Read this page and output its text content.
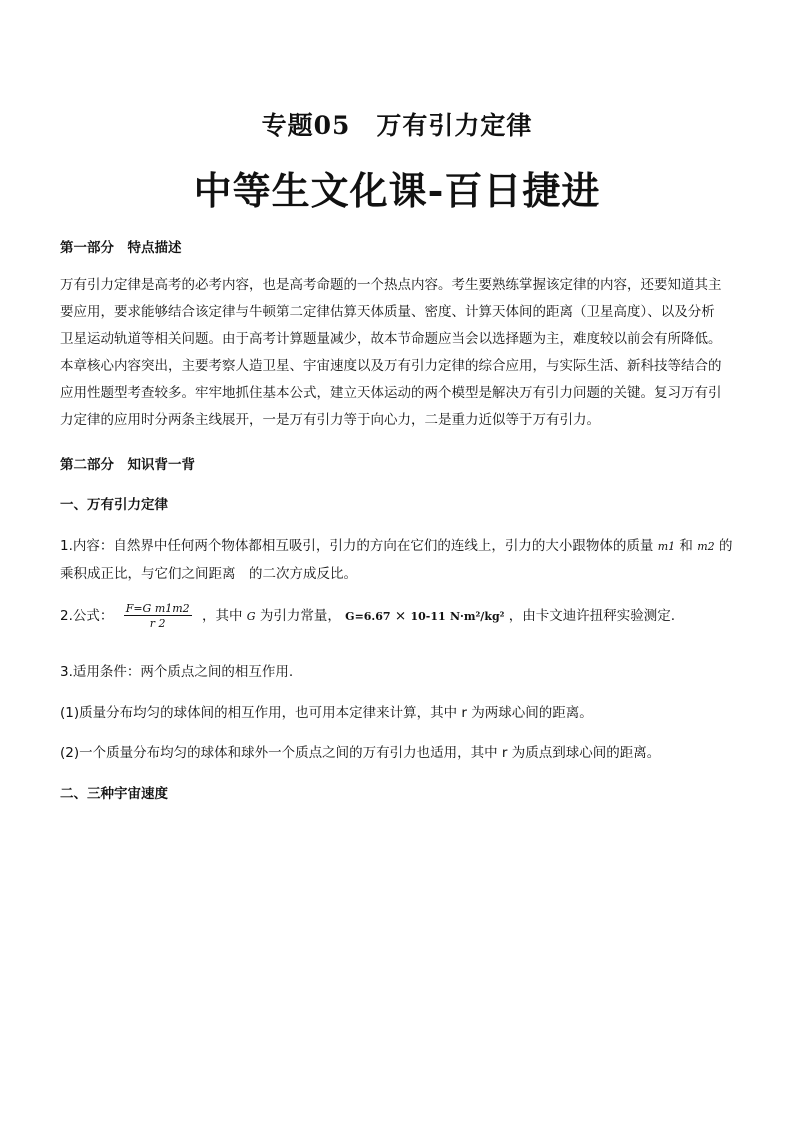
专题05　万有引力定律
中等生文化课-百日捷进
第一部分　特点描述
万有引力定律是高考的必考内容，也是高考命题的一个热点内容。考生要熟练掌握该定律的内容，还要知道其主
要应用，要求能够结合该定律与牛顿第二定律估算天体质量、密度、计算天体间的距离（卫星高度）、以及分析
卫星运动轨道等相关问题。由于高考计算题量减少，故本节命题应当会以选择题为主，难度较以前会有所降低。
本章核心内容突出，主要考察人造卫星、宇宙速度以及万有引力定律的综合应用，与实际生活、新科技等结合的
应用性题型考查较多。牢牢地抓住基本公式，建立天体运动的两个模型是解决万有引力问题的关键。复习万有引
力定律的应用时分两条主线展开，一是万有引力等于向心力，二是重力近似等于万有引力。
第二部分　知识背一背
一、万有引力定律
1.内容：自然界中任何两个物体都相互吸引，引力的方向在它们的连线上，引力的大小跟物体的质量 m1 和 m2 的
乘积成正比，与它们之间距离　的二次方成反比。
2.公式： $\frac{\text{F=G m1m2}}{r 2}$ ，其中 G 为引力常量， G=6.67 × 10-11 N·m²/kg² ，由卡文迪许扭秤实验测定.
3.适用条件：两个质点之间的相互作用.
(1)质量分布均匀的球体间的相互作用，也可用本定律来计算，其中 r 为两球心间的距离。
(2)一个质量分布均匀的球体和球外一个质点之间的万有引力也适用，其中 r 为质点到球心间的距离。
二、三种宇宙速度
